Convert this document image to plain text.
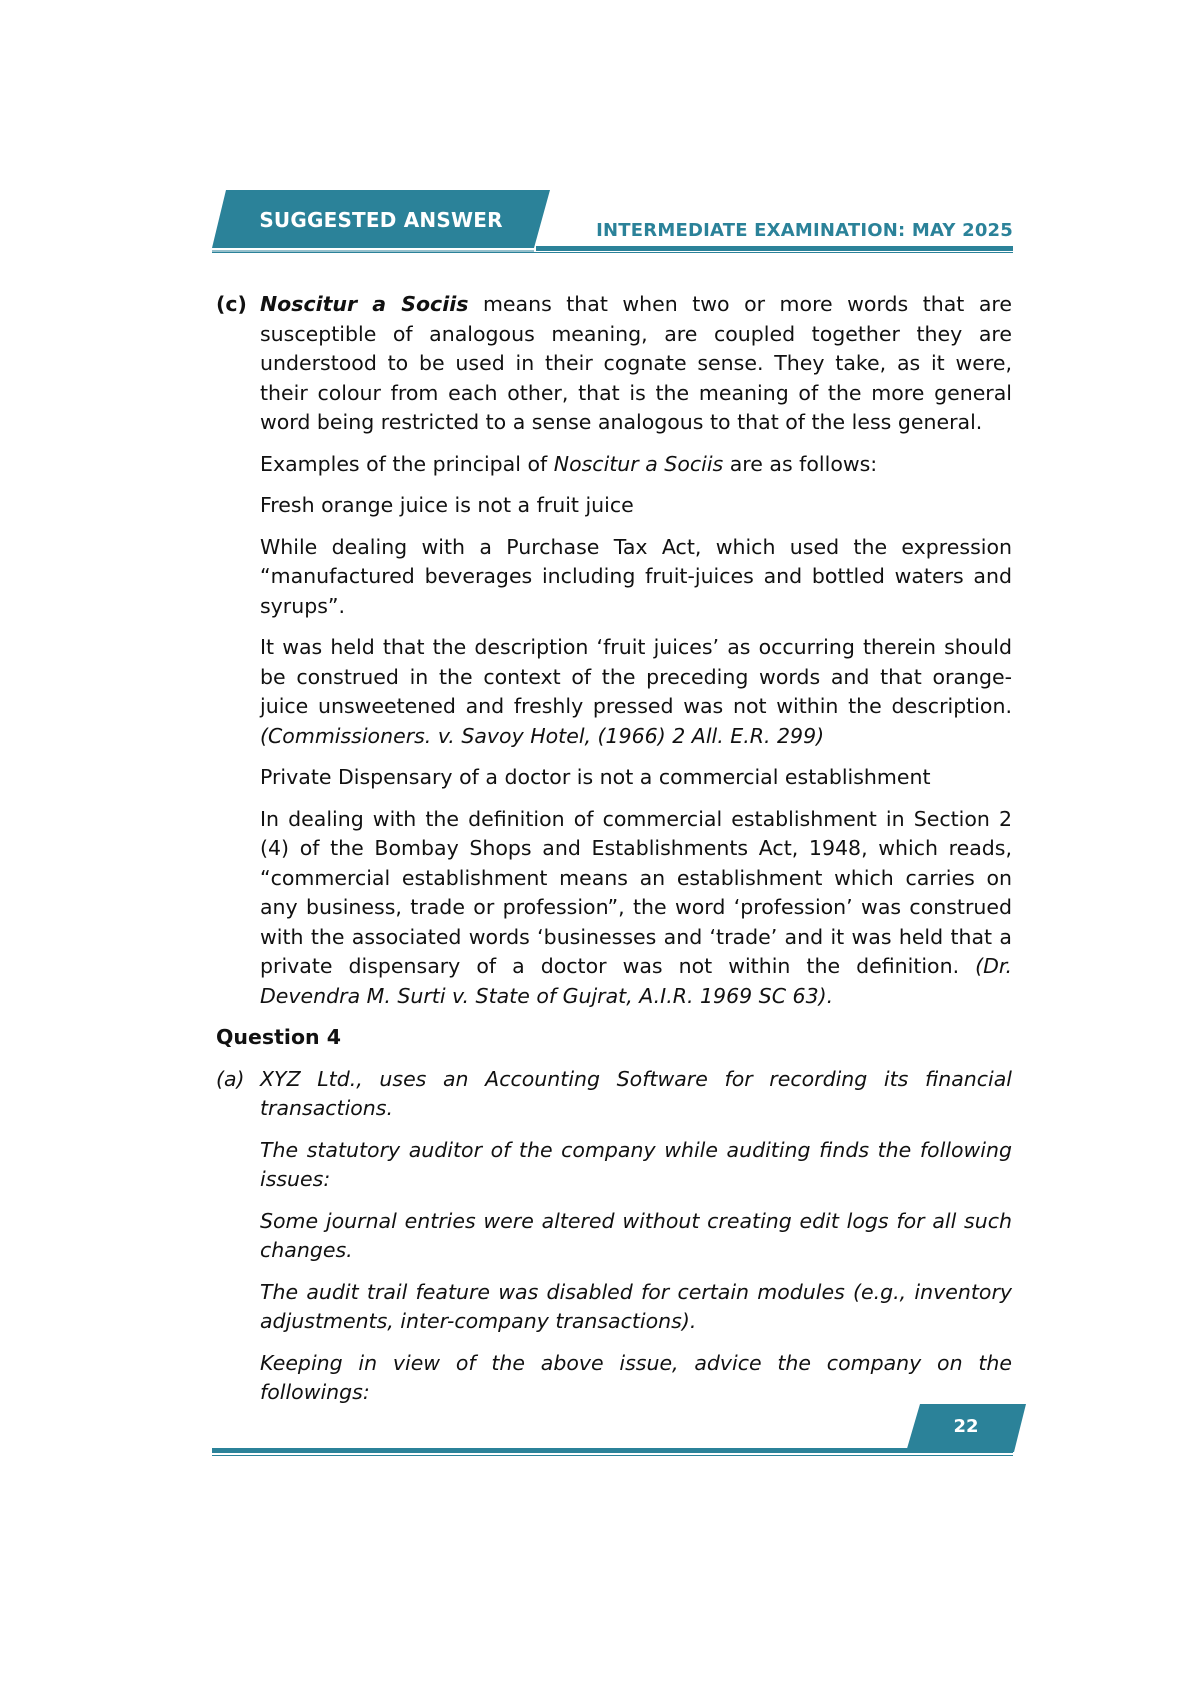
SUGGESTED ANSWER	INTERMEDIATE EXAMINATION: MAY 2025
(c) Noscitur a Sociis means that when two or more words that are susceptible of analogous meaning, are coupled together they are understood to be used in their cognate sense. They take, as it were, their colour from each other, that is the meaning of the more general word being restricted to a sense analogous to that of the less general.

Examples of the principal of Noscitur a Sociis are as follows:

Fresh orange juice is not a fruit juice

While dealing with a Purchase Tax Act, which used the expression “manufactured beverages including fruit-juices and bottled waters and syrups”.

It was held that the description ‘fruit juices’ as occurring therein should be construed in the context of the preceding words and that orange-juice unsweetened and freshly pressed was not within the description. (Commissioners. v. Savoy Hotel, (1966) 2 All. E.R. 299)

Private Dispensary of a doctor is not a commercial establishment

In dealing with the definition of commercial establishment in Section 2 (4) of the Bombay Shops and Establishments Act, 1948, which reads, “commercial establishment means an establishment which carries on any business, trade or profession”, the word ‘profession’ was construed with the associated words ‘businesses and ‘trade’ and it was held that a private dispensary of a doctor was not within the definition. (Dr. Devendra M. Surti v. State of Gujrat, A.I.R. 1969 SC 63).

Question 4
(a) XYZ Ltd., uses an Accounting Software for recording its financial transactions.

The statutory auditor of the company while auditing finds the following issues:

Some journal entries were altered without creating edit logs for all such changes.

The audit trail feature was disabled for certain modules (e.g., inventory adjustments, inter-company transactions).

Keeping in view of the above issue, advice the company on the followings:

22
